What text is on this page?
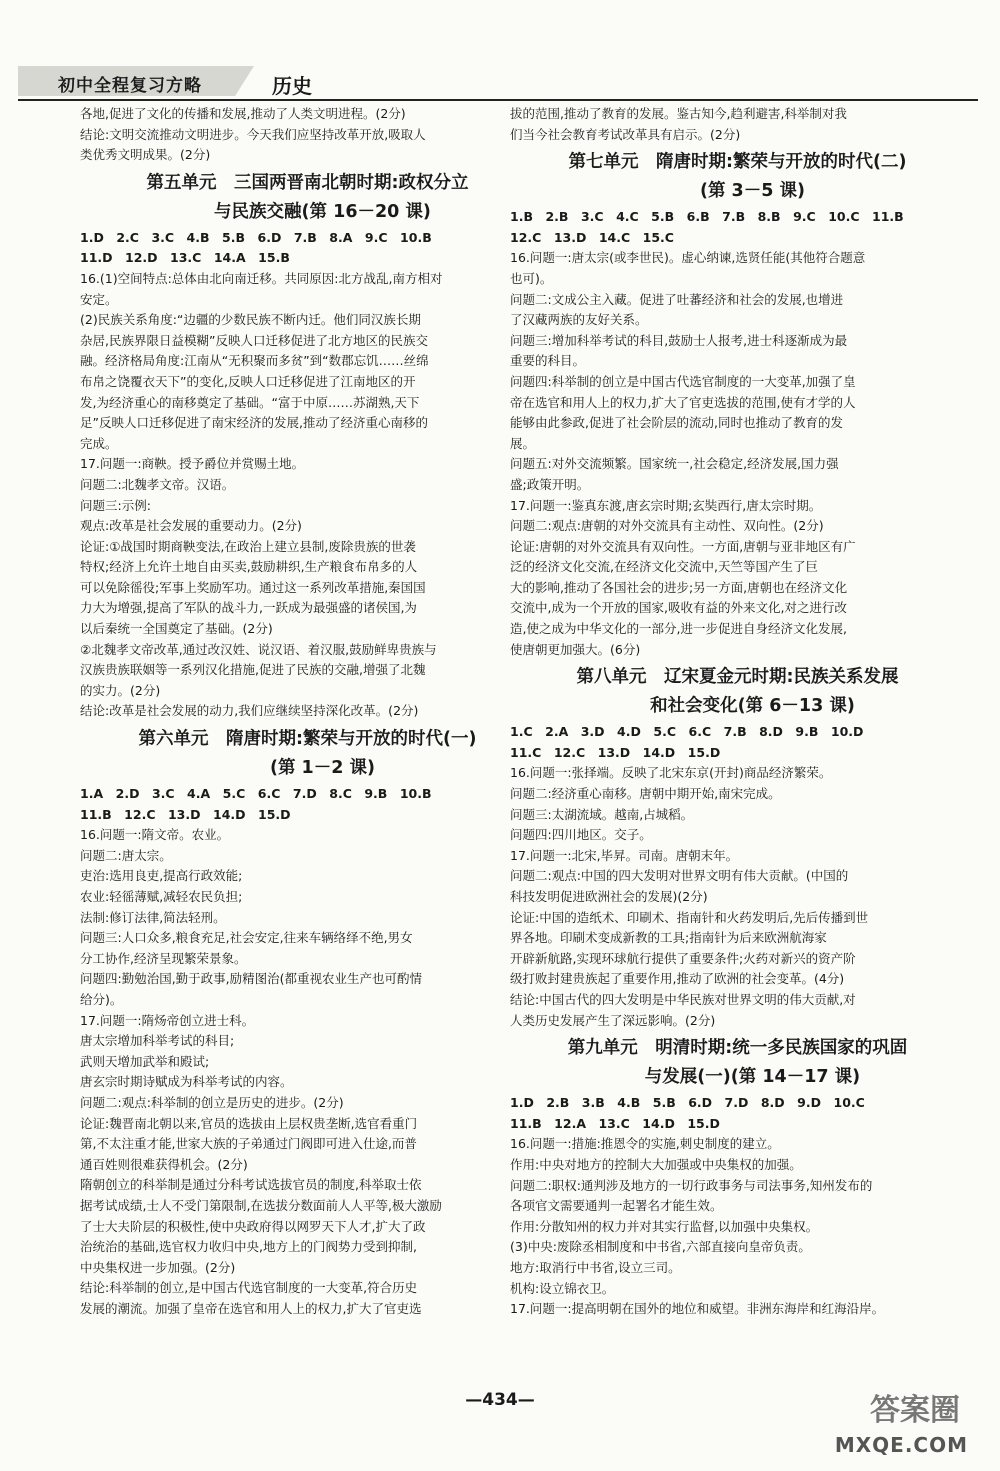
初中全程复习方略	历史
各地,促进了文化的传播和发展,推动了人类文明进程。(2分)
结论:文明交流推动文明进步。今天我们应坚持改革开放,吸取人
类优秀文明成果。(2分)
第五单元　三国两晋南北朝时期:政权分立
与民族交融(第 16－20 课)
1.D　2.C　3.C　4.B　5.B　6.D　7.B　8.A　9.C　10.B
11.D　12.D　13.C　14.A　15.B
16.(1)空间特点:总体由北向南迁移。共同原因:北方战乱,南方相对
安定。
(2)民族关系角度:“边疆的少数民族不断内迁。他们同汉族长期
杂居,民族界限日益模糊”反映人口迁移促进了北方地区的民族交
融。经济格局角度:江南从“无积聚而多贫”到“数郡忘饥……丝绵
布帛之饶覆衣天下”的变化,反映人口迁移促进了江南地区的开
发,为经济重心的南移奠定了基础。“富于中原……苏湖熟,天下
足”反映人口迁移促进了南宋经济的发展,推动了经济重心南移的
完成。
17.问题一:商鞅。授予爵位并赏赐土地。
问题二:北魏孝文帝。汉语。
问题三:示例:
观点:改革是社会发展的重要动力。(2分)
论证:①战国时期商鞅变法,在政治上建立县制,废除贵族的世袭
特权;经济上允许土地自由买卖,鼓励耕织,生产粮食布帛多的人
可以免除徭役;军事上奖励军功。通过这一系列改革措施,秦国国
力大为增强,提高了军队的战斗力,一跃成为最强盛的诸侯国,为
以后秦统一全国奠定了基础。(2分)
②北魏孝文帝改革,通过改汉姓、说汉语、着汉服,鼓励鲜卑贵族与
汉族贵族联姻等一系列汉化措施,促进了民族的交融,增强了北魏
的实力。(2分)
结论:改革是社会发展的动力,我们应继续坚持深化改革。(2分)
第六单元　隋唐时期:繁荣与开放的时代(一)
(第 1－2 课)
1.A　2.D　3.C　4.A　5.C　6.C　7.D　8.C　9.B　10.B
11.B　12.C　13.D　14.D　15.D
16.问题一:隋文帝。农业。
问题二:唐太宗。
吏治:选用良吏,提高行政效能;
农业:轻徭薄赋,减轻农民负担;
法制:修订法律,简法轻刑。
问题三:人口众多,粮食充足,社会安定,往来车辆络绎不绝,男女
分工协作,经济呈现繁荣景象。
问题四:勤勉治国,勤于政事,励精图治(都重视农业生产也可酌情
给分)。
17.问题一:隋炀帝创立进士科。
唐太宗增加科举考试的科目;
武则天增加武举和殿试;
唐玄宗时期诗赋成为科举考试的内容。
问题二:观点:科举制的创立是历史的进步。(2分)
论证:魏晋南北朝以来,官员的选拔由上层权贵垄断,选官看重门
第,不太注重才能,世家大族的子弟通过门阀即可进入仕途,而普
通百姓则很难获得机会。(2分)
隋朝创立的科举制是通过分科考试选拔官员的制度,科举取士依
据考试成绩,士人不受门第限制,在选拔分数面前人人平等,极大激励
了士大夫阶层的积极性,使中央政府得以网罗天下人才,扩大了政
治统治的基础,选官权力收归中央,地方上的门阀势力受到抑制,
中央集权进一步加强。(2分)
结论:科举制的创立,是中国古代选官制度的一大变革,符合历史
发展的潮流。加强了皇帝在选官和用人上的权力,扩大了官吏选
拔的范围,推动了教育的发展。鉴古知今,趋利避害,科举制对我
们当今社会教育考试改革具有启示。(2分)
第七单元　隋唐时期:繁荣与开放的时代(二)
(第 3－5 课)
1.B　2.B　3.C　4.C　5.B　6.B　7.B　8.B　9.C　10.C　11.B
12.C　13.D　14.C　15.C
16.问题一:唐太宗(或李世民)。虚心纳谏,选贤任能(其他符合题意
也可)。
问题二:文成公主入藏。促进了吐蕃经济和社会的发展,也增进
了汉藏两族的友好关系。
问题三:增加科举考试的科目,鼓励士人报考,进士科逐渐成为最
重要的科目。
问题四:科举制的创立是中国古代选官制度的一大变革,加强了皇
帝在选官和用人上的权力,扩大了官吏选拔的范围,使有才学的人
能够由此参政,促进了社会阶层的流动,同时也推动了教育的发
展。
问题五:对外交流频繁。国家统一,社会稳定,经济发展,国力强
盛;政策开明。
17.问题一:鉴真东渡,唐玄宗时期;玄奘西行,唐太宗时期。
问题二:观点:唐朝的对外交流具有主动性、双向性。(2分)
论证:唐朝的对外交流具有双向性。一方面,唐朝与亚非地区有广
泛的经济文化交流,在经济文化交流中,天竺等国产生了巨
大的影响,推动了各国社会的进步;另一方面,唐朝也在经济文化
交流中,成为一个开放的国家,吸收有益的外来文化,对之进行改
造,使之成为中华文化的一部分,进一步促进自身经济文化发展,
使唐朝更加强大。(6分)
第八单元　辽宋夏金元时期:民族关系发展
和社会变化(第 6－13 课)
1.C　2.A　3.D　4.D　5.C　6.C　7.B　8.D　9.B　10.D
11.C　12.C　13.D　14.D　15.D
16.问题一:张择端。反映了北宋东京(开封)商品经济繁荣。
问题二:经济重心南移。唐朝中期开始,南宋完成。
问题三:太湖流域。越南,占城稻。
问题四:四川地区。交子。
17.问题一:北宋,毕昇。司南。唐朝末年。
问题二:观点:中国的四大发明对世界文明有伟大贡献。(中国的
科技发明促进欧洲社会的发展)(2分)
论证:中国的造纸术、印刷术、指南针和火药发明后,先后传播到世
界各地。印刷术变成新教的工具;指南针为后来欧洲航海家
开辟新航路,实现环球航行提供了重要条件;火药对新兴的资产阶
级打败封建贵族起了重要作用,推动了欧洲的社会变革。(4分)
结论:中国古代的四大发明是中华民族对世界文明的伟大贡献,对
人类历史发展产生了深远影响。(2分)
第九单元　明清时期:统一多民族国家的巩固
与发展(一)(第 14－17 课)
1.D　2.B　3.B　4.B　5.B　6.D　7.D　8.D　9.D　10.C
11.B　12.A　13.C　14.D　15.D
16.问题一:措施:推恩令的实施,刺史制度的建立。
作用:中央对地方的控制大大加强或中央集权的加强。
问题二:职权:通判涉及地方的一切行政事务与司法事务,知州发布的
各项官文需要通判一起署名才能生效。
作用:分散知州的权力并对其实行监督,以加强中央集权。
(3)中央:废除丞相制度和中书省,六部直接向皇帝负责。
地方:取消行中书省,设立三司。
机构:设立锦衣卫。
17.问题一:提高明朝在国外的地位和威望。非洲东海岸和红海沿岸。
—434—	答案圈
MXQE.COM
